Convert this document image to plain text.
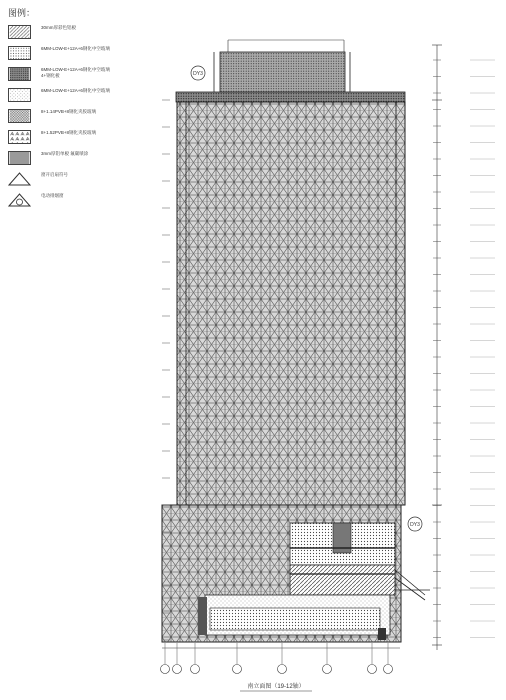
图例：
30mm厚彩色铝板
6MM-LOW-E+12A+6钢化中空玻璃
6MM-LOW-E+12A+6钢化中空玻璃
4+钢化板
6MM-LOW-E+12A+6钢化中空玻璃
8+1.14PVB+8钢化夹胶玻璃
8+1.52PVB+8钢化夹胶玻璃
3mm厚铝单板 氟碳喷涂
窗开启扇符号
电动排烟窗
DY3
DY3
南立面图（19-12轴）
